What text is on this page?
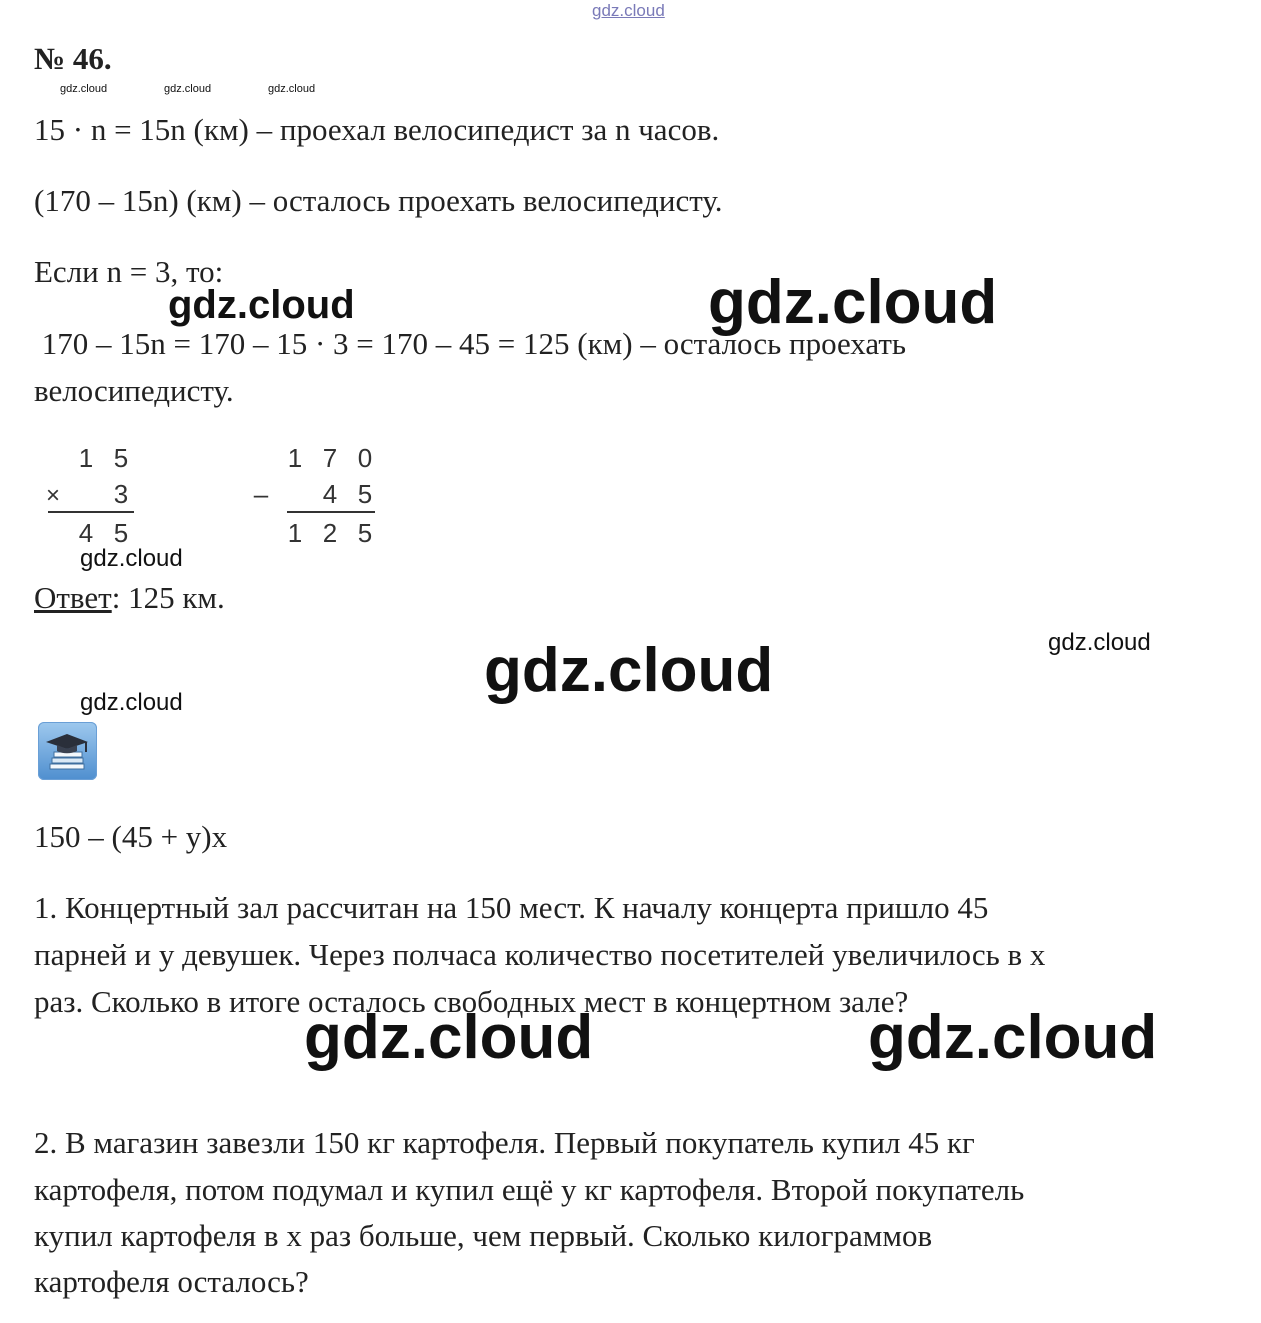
№ 46.
15 · n = 15n (км) – проехал велосипедист за n часов.
(170 – 15n) (км) – осталось проехать велосипедисту.
Если n = 3, то:
170 – 15n = 170 – 15 · 3 = 170 – 45 = 125 (км) – осталось проехать
велосипедисту.
1 5
× 3
4 5
1 7 0
– 4 5
1 2 5
Ответ: 125 км.
150 – (45 + y)x
1. Концертный зал рассчитан на 150 мест. К началу концерта пришло 45
парней и у девушек. Через полчаса количество посетителей увеличилось в х
раз. Сколько в итоге осталось свободных мест в концертном зале?
2. В магазин завезли 150 кг картофеля. Первый покупатель купил 45 кг
картофеля, потом подумал и купил ещё у кг картофеля. Второй покупатель
купил картофеля в х раз больше, чем первый. Сколько килограммов
картофеля осталось?
gdz.cloud
gdz.cloud	gdz.cloud	gdz.cloud
gdz.cloud	gdz.cloud
gdz.cloud
gdz.cloud
gdz.cloud
gdz.cloud
gdz.cloud	gdz.cloud
